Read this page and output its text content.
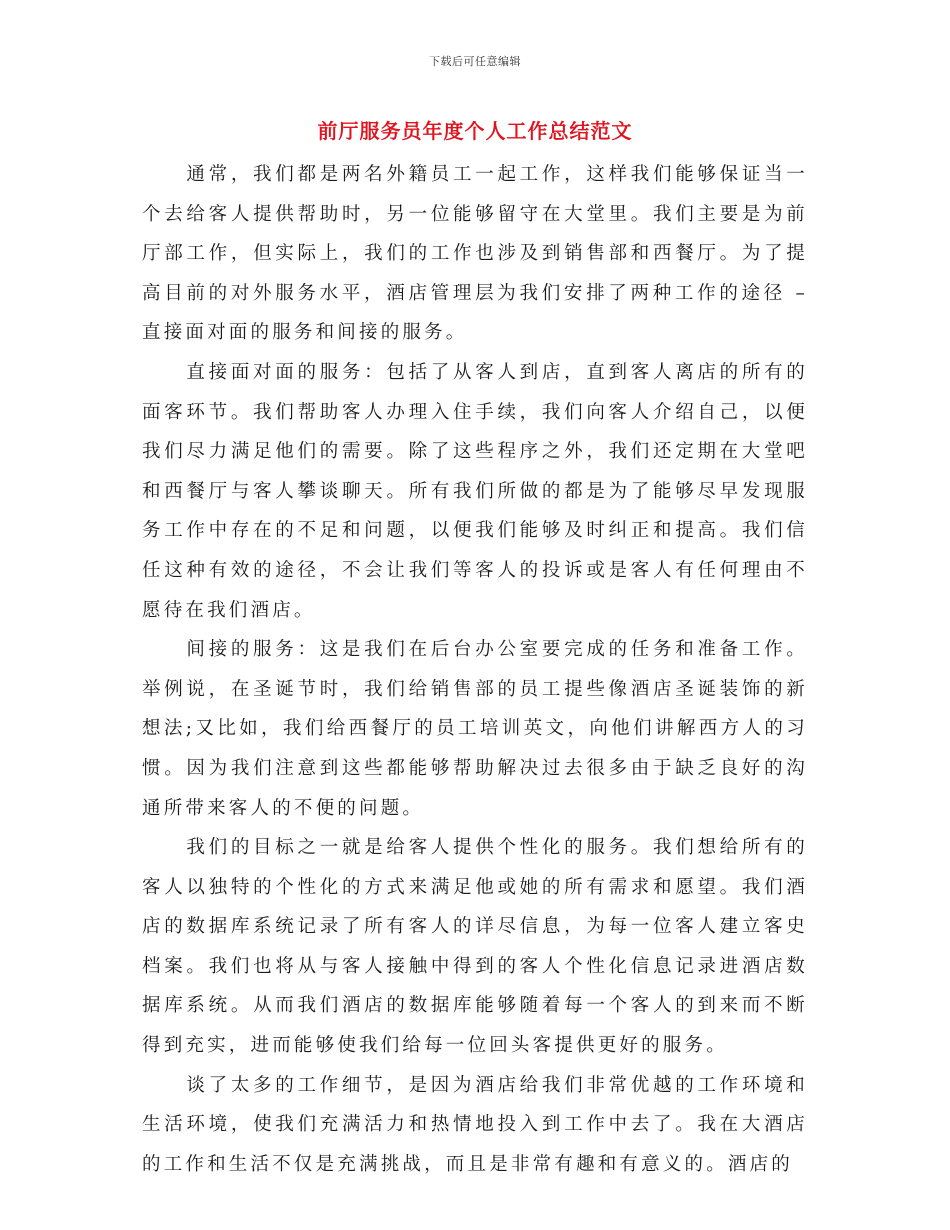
下载后可任意编辑
前厅服务员年度个人工作总结范文

通常，我们都是两名外籍员工一起工作，这样我们能够保证当一个去给客人提供帮助时，另一位能够留守在大堂里。我们主要是为前厅部工作，但实际上，我们的工作也涉及到销售部和西餐厅。为了提高目前的对外服务水平，酒店管理层为我们安排了两种工作的途径 –直接面对面的服务和间接的服务。

直接面对面的服务：包括了从客人到店，直到客人离店的所有的面客环节。我们帮助客人办理入住手续，我们向客人介绍自己，以便我们尽力满足他们的需要。除了这些程序之外，我们还定期在大堂吧和西餐厅与客人攀谈聊天。所有我们所做的都是为了能够尽早发现服务工作中存在的不足和问题，以便我们能够及时纠正和提高。我们信任这种有效的途径，不会让我们等客人的投诉或是客人有任何理由不愿待在我们酒店。

间接的服务：这是我们在后台办公室要完成的任务和准备工作。举例说，在圣诞节时，我们给销售部的员工提些像酒店圣诞装饰的新想法;又比如，我们给西餐厅的员工培训英文，向他们讲解西方人的习惯。因为我们注意到这些都能够帮助解决过去很多由于缺乏良好的沟通所带来客人的不便的问题。

我们的目标之一就是给客人提供个性化的服务。我们想给所有的客人以独特的个性化的方式来满足他或她的所有需求和愿望。我们酒店的数据库系统记录了所有客人的详尽信息，为每一位客人建立客史档案。我们也将从与客人接触中得到的客人个性化信息记录进酒店数据库系统。从而我们酒店的数据库能够随着每一个客人的到来而不断得到充实，进而能够使我们给每一位回头客提供更好的服务。

谈了太多的工作细节，是因为酒店给我们非常优越的工作环境和生活环境，使我们充满活力和热情地投入到工作中去了。我在大酒店的工作和生活不仅是充满挑战，而且是非常有趣和有意义的。酒店的
